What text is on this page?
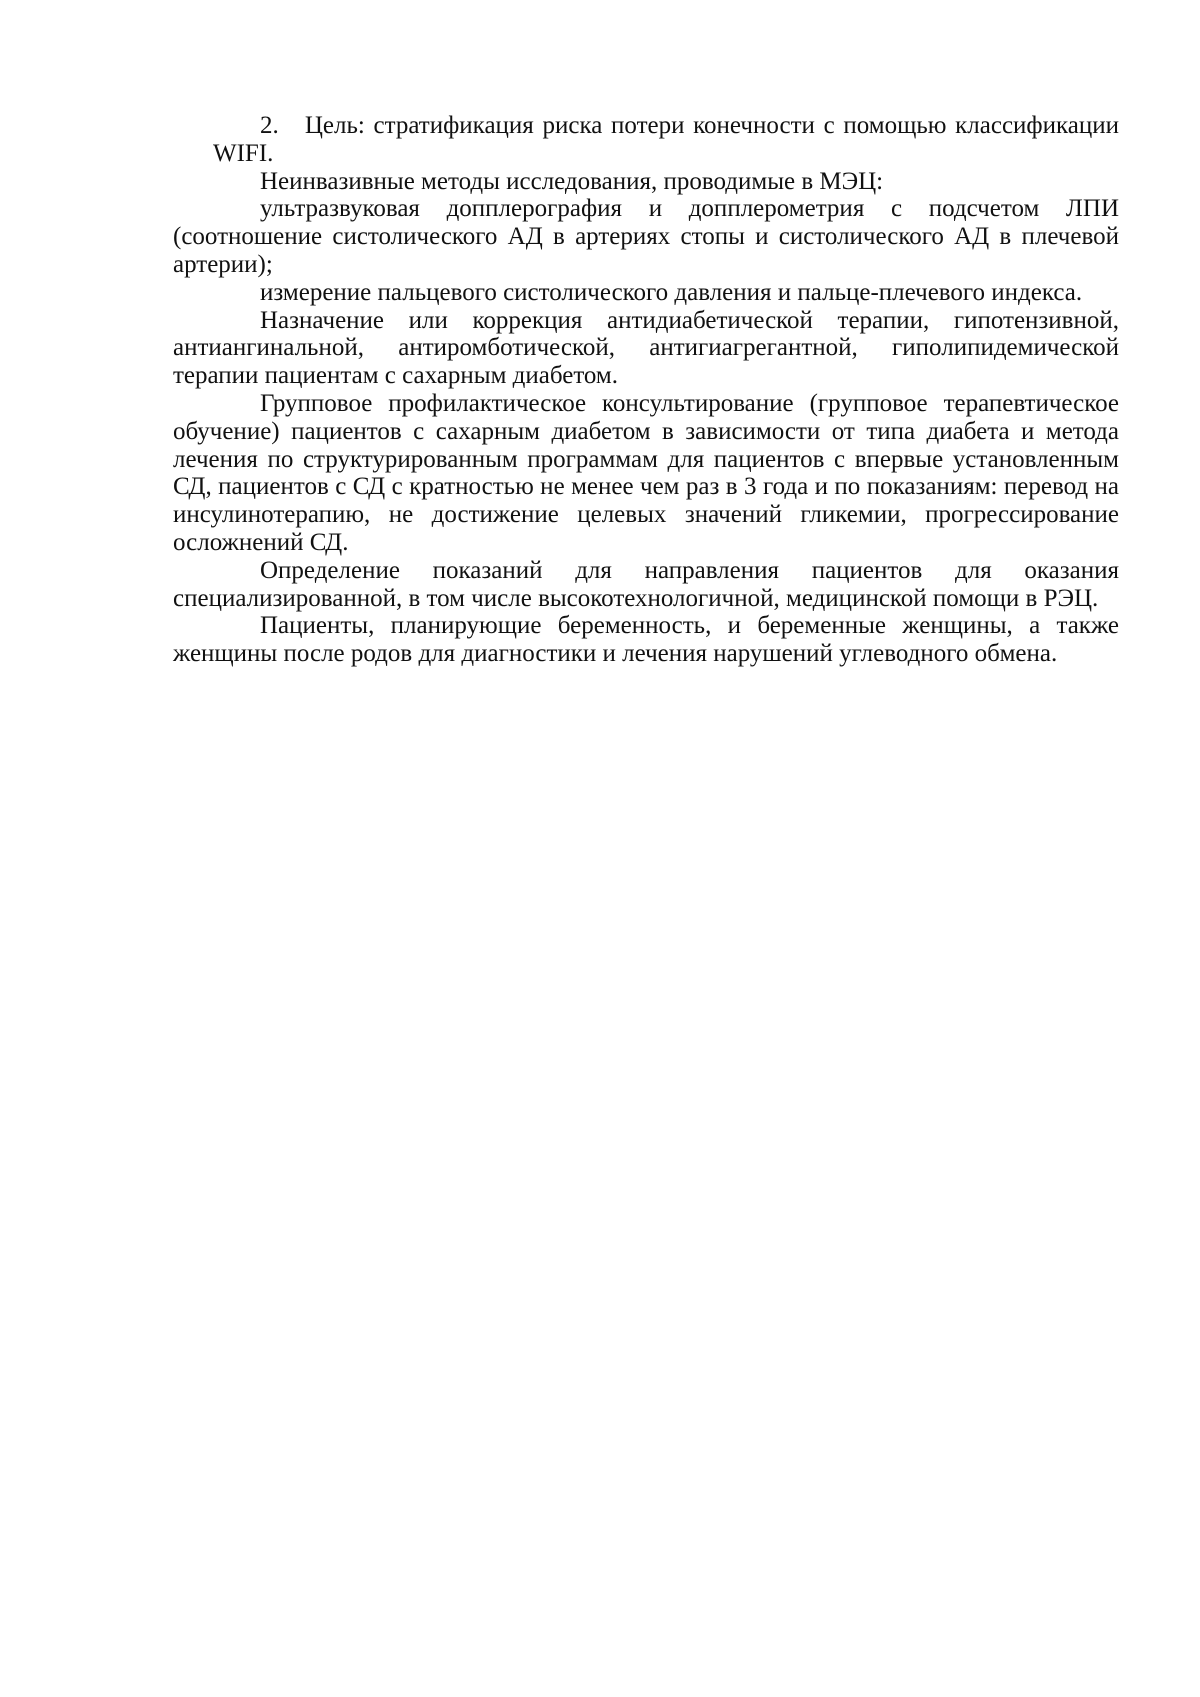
2.   Цель: стратификация риска потери конечности с помощью классификации WIFI.

Неинвазивные методы исследования, проводимые в МЭЦ:

ультразвуковая допплерография и допплерометрия с подсчетом ЛПИ (соотношение систолического АД в артериях стопы и систолического АД в плечевой артерии);

измерение пальцевого систолического давления и пальце-плечевого индекса.

Назначение или коррекция антидиабетической терапии, гипотензивной, антиангинальной, антиромботической, антигиагрегантной, гиполипидемической терапии пациентам с сахарным диабетом.

Групповое профилактическое консультирование (групповое терапевтическое обучение) пациентов с сахарным диабетом в зависимости от типа диабета и метода лечения по структурированным программам для пациентов с впервые установленным СД, пациентов с СД с кратностью не менее чем раз в 3 года и по показаниям: перевод на инсулинотерапию, не достижение целевых значений гликемии, прогрессирование осложнений СД.

Определение показаний для направления пациентов для оказания специализированной, в том числе высокотехнологичной, медицинской помощи в РЭЦ.

Пациенты, планирующие беременность, и беременные женщины, а также женщины после родов для диагностики и лечения нарушений углеводного обмена.
